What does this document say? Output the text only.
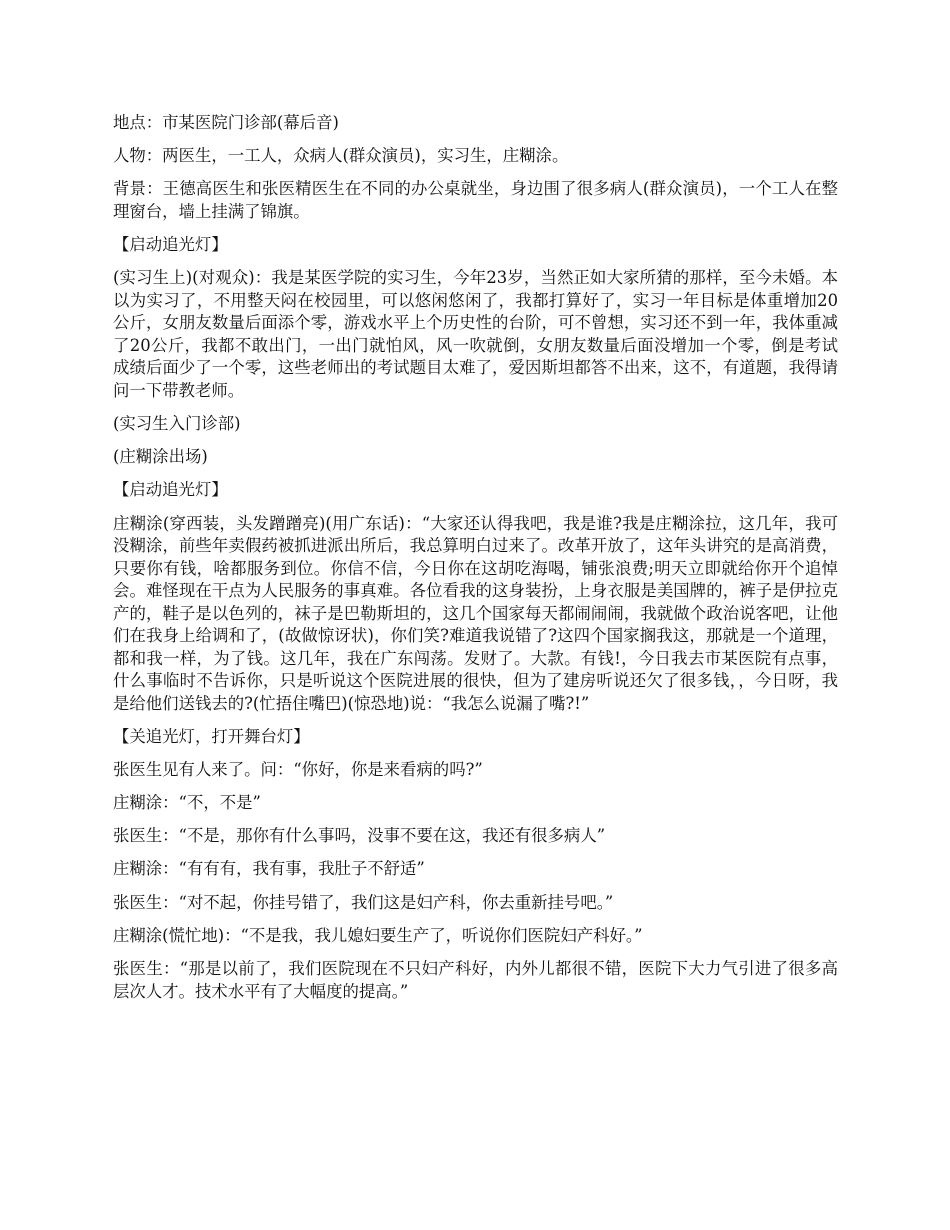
地点：市某医院门诊部(幕后音)

人物：两医生，一工人，众病人(群众演员)，实习生，庄糊涂。

背景：王德高医生和张医精医生在不同的办公桌就坐，身边围了很多病人(群众演员)，一个工人在整理窗台，墙上挂满了锦旗。

【启动追光灯】

(实习生上)(对观众)：我是某医学院的实习生，今年23岁，当然正如大家所猜的那样，至今未婚。本以为实习了，不用整天闷在校园里，可以悠闲悠闲了，我都打算好了，实习一年目标是体重增加20公斤，女朋友数量后面添个零，游戏水平上个历史性的台阶，可不曾想，实习还不到一年，我体重减了20公斤，我都不敢出门，一出门就怕风，风一吹就倒，女朋友数量后面没增加一个零，倒是考试成绩后面少了一个零，这些老师出的考试题目太难了，爱因斯坦都答不出来，这不，有道题，我得请问一下带教老师。

(实习生入门诊部)

(庄糊涂出场)

【启动追光灯】

庄糊涂(穿西装，头发蹭蹭亮)(用广东话)：“大家还认得我吧，我是谁?我是庄糊涂拉，这几年，我可没糊涂，前些年卖假药被抓进派出所后，我总算明白过来了。改革开放了，这年头讲究的是高消费，只要你有钱，啥都服务到位。你信不信，今日你在这胡吃海喝，铺张浪费;明天立即就给你开个追悼会。难怪现在干点为人民服务的事真难。各位看我的这身装扮，上身衣服是美国牌的，裤子是伊拉克产的，鞋子是以色列的，袜子是巴勒斯坦的，这几个国家每天都闹闹闹，我就做个政治说客吧，让他们在我身上给调和了，(故做惊讶状)，你们笑?难道我说错了?这四个国家搁我这，那就是一个道理，都和我一样，为了钱。这几年，我在广东闯荡。发财了。大款。有钱!，今日我去市某医院有点事，什么事临时不告诉你，只是听说这个医院进展的很快，但为了建房听说还欠了很多钱，，今日呀，我是给他们送钱去的?(忙捂住嘴巴)(惊恐地)说：“我怎么说漏了嘴?!”

【关追光灯，打开舞台灯】

张医生见有人来了。问：“你好，你是来看病的吗?”

庄糊涂：“不，不是”

张医生：“不是，那你有什么事吗，没事不要在这，我还有很多病人”

庄糊涂：“有有有，我有事，我肚子不舒适”

张医生：“对不起，你挂号错了，我们这是妇产科，你去重新挂号吧。”

庄糊涂(慌忙地)：“不是我，我儿媳妇要生产了，听说你们医院妇产科好。”

张医生：“那是以前了，我们医院现在不只妇产科好，内外儿都很不错，医院下大力气引进了很多高层次人才。技术水平有了大幅度的提高。”
